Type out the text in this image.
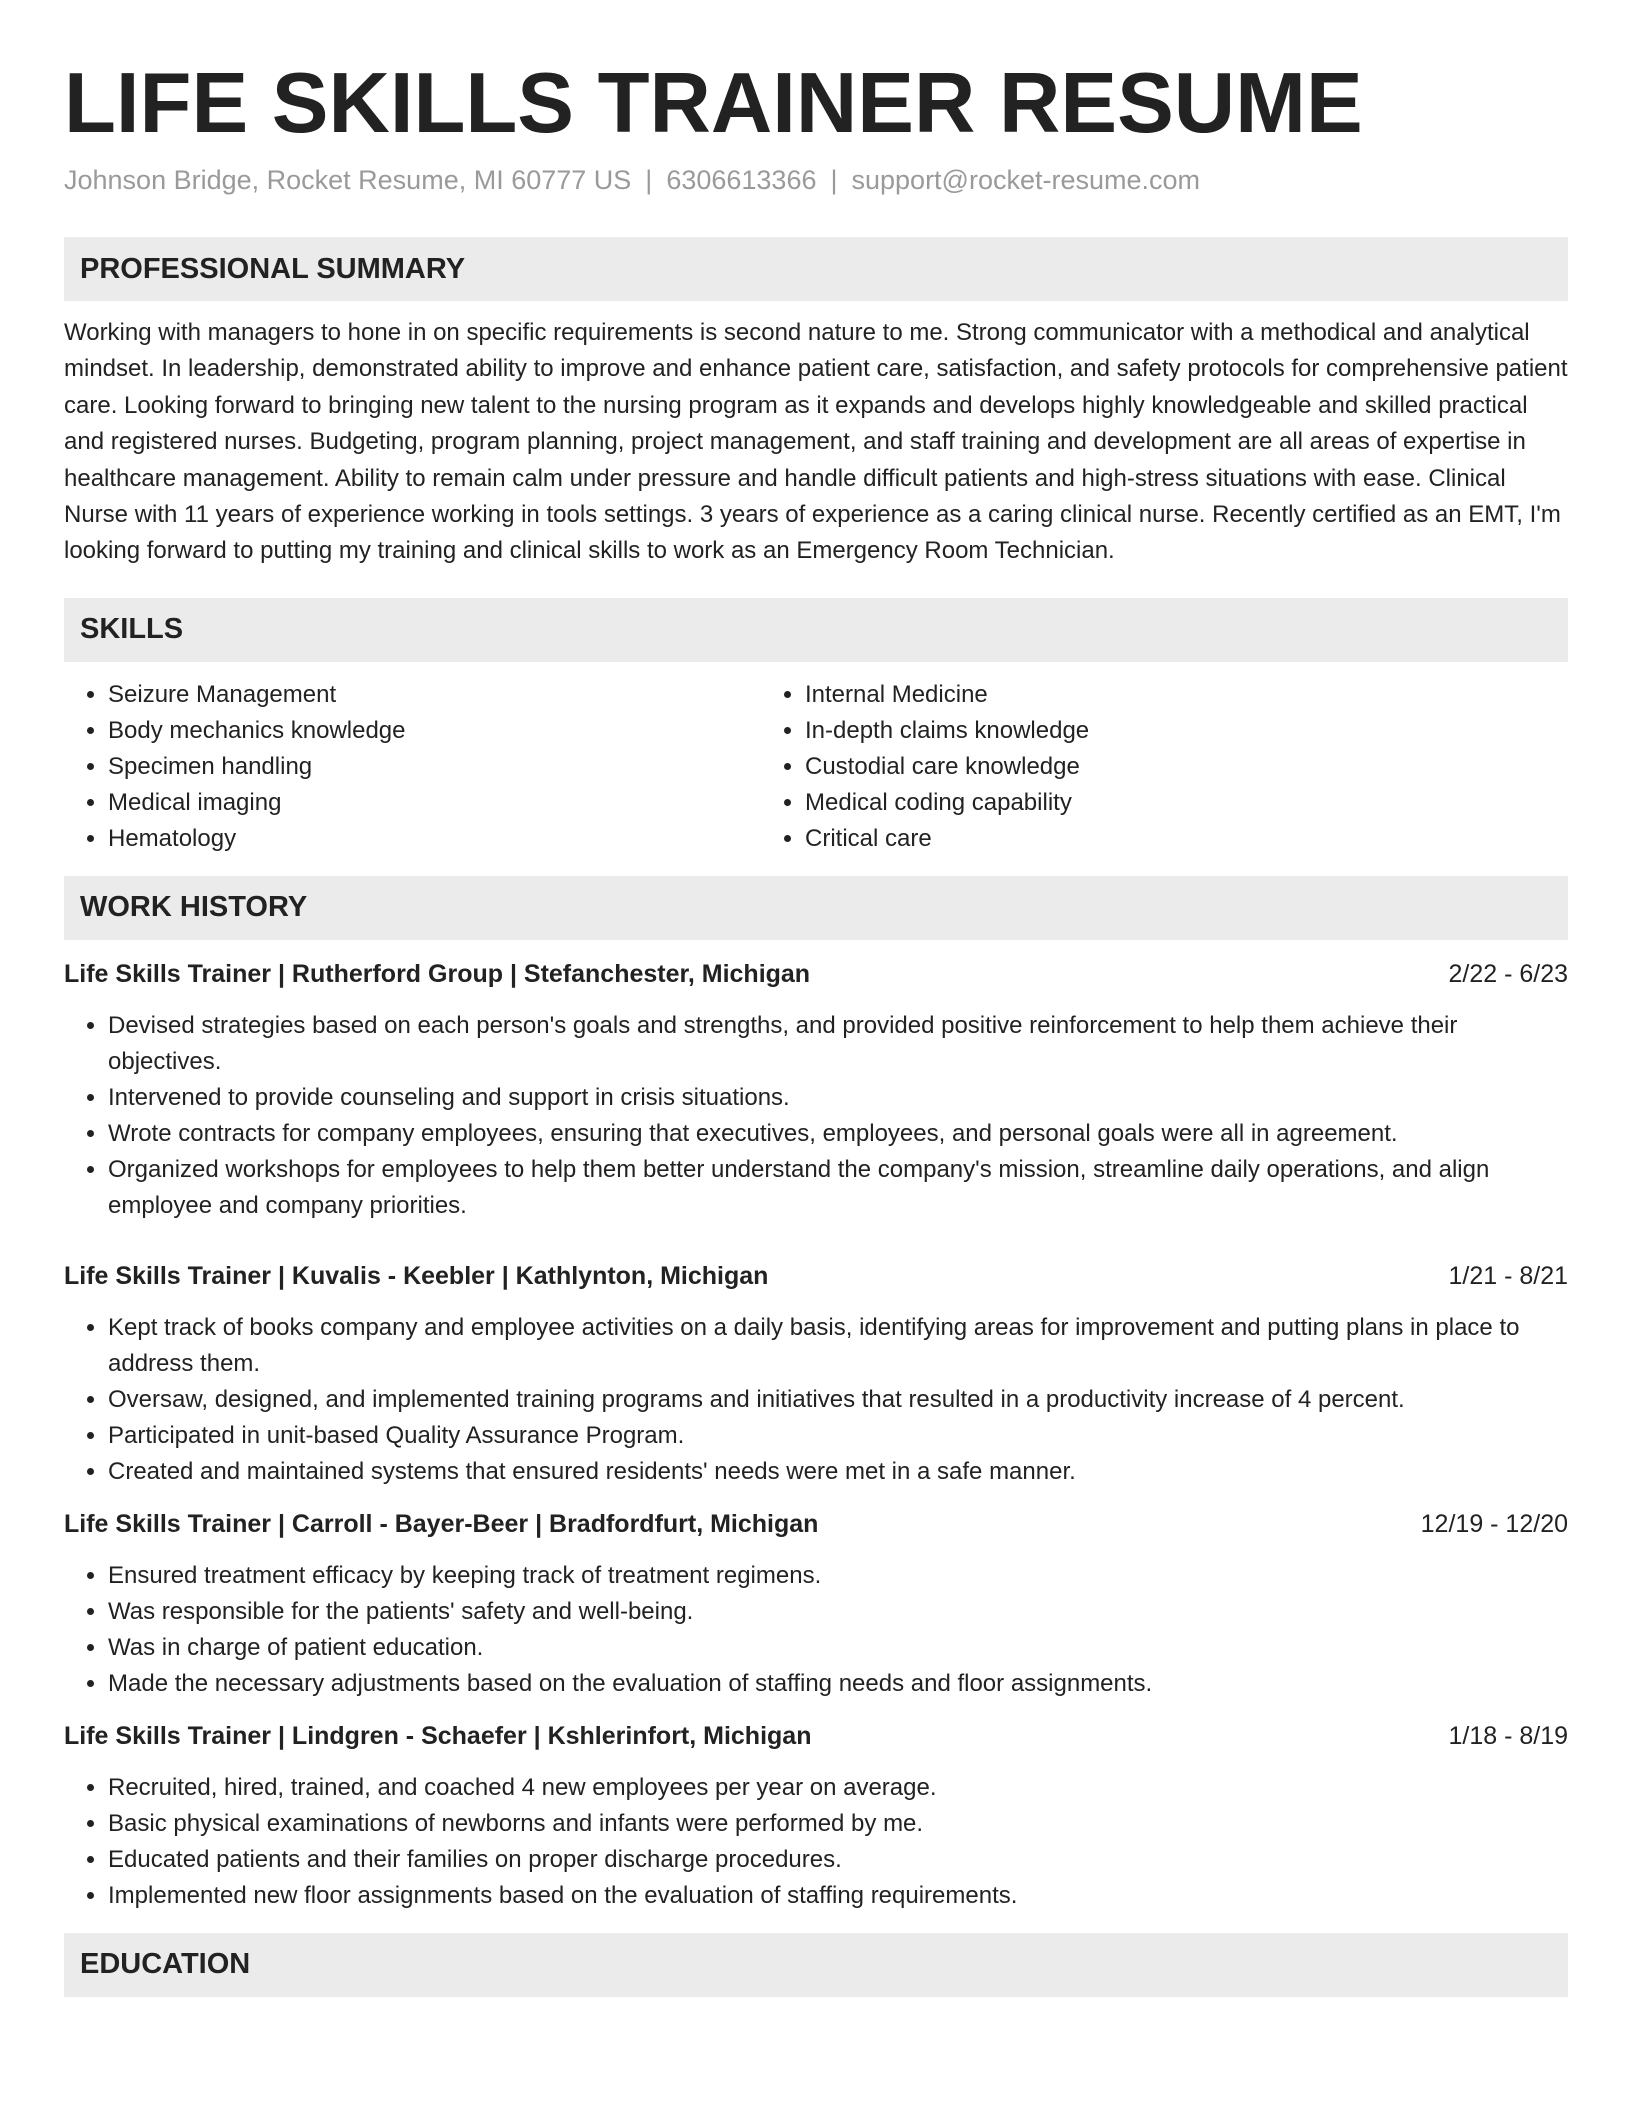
LIFE SKILLS TRAINER RESUME
Johnson Bridge, Rocket Resume, MI 60777 US | 6306613366 | support@rocket-resume.com
PROFESSIONAL SUMMARY

Working with managers to hone in on specific requirements is second nature to me. Strong communicator with a methodical and analytical mindset. In leadership, demonstrated ability to improve and enhance patient care, satisfaction, and safety protocols for comprehensive patient care. Looking forward to bringing new talent to the nursing program as it expands and develops highly knowledgeable and skilled practical and registered nurses. Budgeting, program planning, project management, and staff training and development are all areas of expertise in healthcare management. Ability to remain calm under pressure and handle difficult patients and high-stress situations with ease. Clinical Nurse with 11 years of experience working in tools settings. 3 years of experience as a caring clinical nurse. Recently certified as an EMT, I'm looking forward to putting my training and clinical skills to work as an Emergency Room Technician.

SKILLS
• Seizure Management
• Body mechanics knowledge
• Specimen handling
• Medical imaging
• Hematology
• Internal Medicine
• In-depth claims knowledge
• Custodial care knowledge
• Medical coding capability
• Critical care
WORK HISTORY
Life Skills Trainer | Rutherford Group | Stefanchester, Michigan	2/22 - 6/23
• Devised strategies based on each person's goals and strengths, and provided positive reinforcement to help them achieve their objectives.
• Intervened to provide counseling and support in crisis situations.
• Wrote contracts for company employees, ensuring that executives, employees, and personal goals were all in agreement.
• Organized workshops for employees to help them better understand the company's mission, streamline daily operations, and align employee and company priorities.
Life Skills Trainer | Kuvalis - Keebler | Kathlynton, Michigan	1/21 - 8/21
• Kept track of books company and employee activities on a daily basis, identifying areas for improvement and putting plans in place to address them.
• Oversaw, designed, and implemented training programs and initiatives that resulted in a productivity increase of 4 percent.
• Participated in unit-based Quality Assurance Program.
• Created and maintained systems that ensured residents' needs were met in a safe manner.
Life Skills Trainer | Carroll - Bayer-Beer | Bradfordfurt, Michigan	12/19 - 12/20
• Ensured treatment efficacy by keeping track of treatment regimens.
• Was responsible for the patients' safety and well-being.
• Was in charge of patient education.
• Made the necessary adjustments based on the evaluation of staffing needs and floor assignments.
Life Skills Trainer | Lindgren - Schaefer | Kshlerinfort, Michigan	1/18 - 8/19
• Recruited, hired, trained, and coached 4 new employees per year on average.
• Basic physical examinations of newborns and infants were performed by me.
• Educated patients and their families on proper discharge procedures.
• Implemented new floor assignments based on the evaluation of staffing requirements.
EDUCATION
